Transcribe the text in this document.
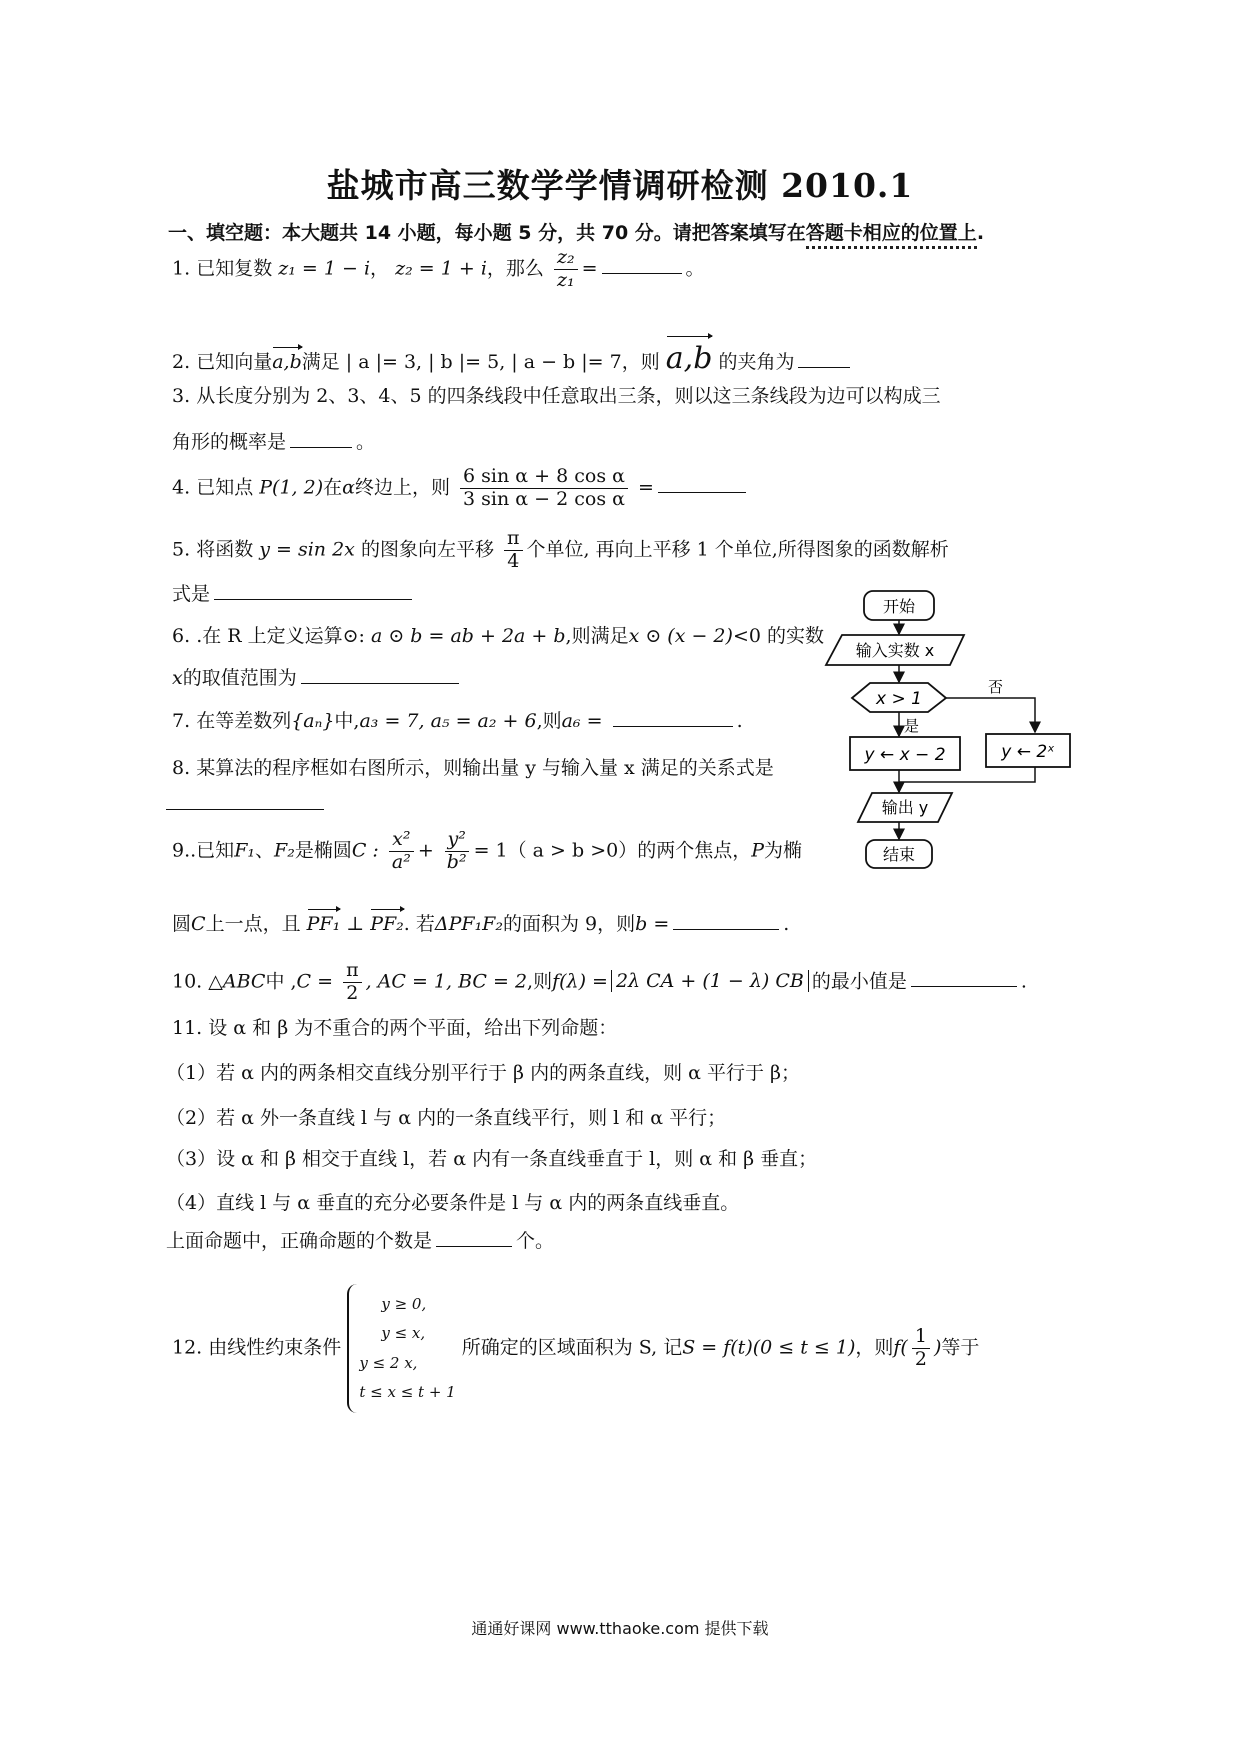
盐城市高三数学学情调研检测 2010.1
一、填空题：本大题共 14 小题，每小题 5 分，共 70 分。请把答案填写在答题卡相应的位置上.
1. 已知复数 z₁ = 1 − i， z₂ = 1 + i，那么 $\frac{\text{z₂}}{\text{z₁}}$ =	。
2. 已知向量a,b满足 | a |= 3, | b |= 5, | a − b |= 7，则 a,b 的夹角为
3. 从长度分别为 2、3、4、5 的四条线段中任意取出三条，则以这三条线段为边可以构成三
角形的概率是	。
4. 已知点 P(1, 2)在α终边上，则 $\frac{\text{6 sin α + 8 cos α}}{\text{3 sin α − 2 cos α}}$ =
5. 将函数 y = sin 2x 的图象向左平移 $\frac{\pi}{4}$ 个单位, 再向上平移 1 个单位,所得图象的函数解析
式是
6. .在 R 上定义运算⊙: a ⊙ b = ab + 2a + b,则满足x ⊙ (x − 2)<0 的实数
x的取值范围为
7. 在等差数列{aₙ}中,a₃ = 7, a₅ = a₂ + 6,则a₆ =	.
8. 某算法的程序框如右图所示，则输出量 y 与输入量 x 满足的关系式是
9..已知F₁、F₂是椭圆C : $\frac{\text{x²}}{\text{a²}} + \frac{\text{y²}}{\text{b²}} = 1$（ a > b >0）的两个焦点，P为椭
圆C上一点，且 PF₁ ⊥ PF₂. 若ΔPF₁F₂的面积为 9，则b =	.
10. △ABC中 $,C = \frac{\pi}{2}$ , AC = 1, BC = 2,则f(λ) = 2λ CA + (1 − λ) CB 的最小值是	.
11. 设 α 和 β 为不重合的两个平面，给出下列命题：
（1）若 α 内的两条相交直线分别平行于 β 内的两条直线，则 α 平行于 β；
（2）若 α 外一条直线 l 与 α 内的一条直线平行，则 l 和 α 平行；
（3）设 α 和 β 相交于直线 l，若 α 内有一条直线垂直于 l，则 α 和 β 垂直；
（4）直线 l 与 α 垂直的充分必要条件是 l 与 α 内的两条直线垂直。
上面命题中，正确命题的个数是	个。
12. 由线性约束条件
y ≥ 0,
y ≤ x,
y ≤ 2 x,
t ≤ x ≤ t + 1
所确定的区域面积为 S, 记S = f(t)(0 ≤ t ≤ 1)，则$f( \frac{1}{2}$ )等于
开始
输入实数 x
x > 1
否
是
y ← x − 2	y ← 2ˣ
输出 y
结束
通通好课网 www.tthaoke.com 提供下载
